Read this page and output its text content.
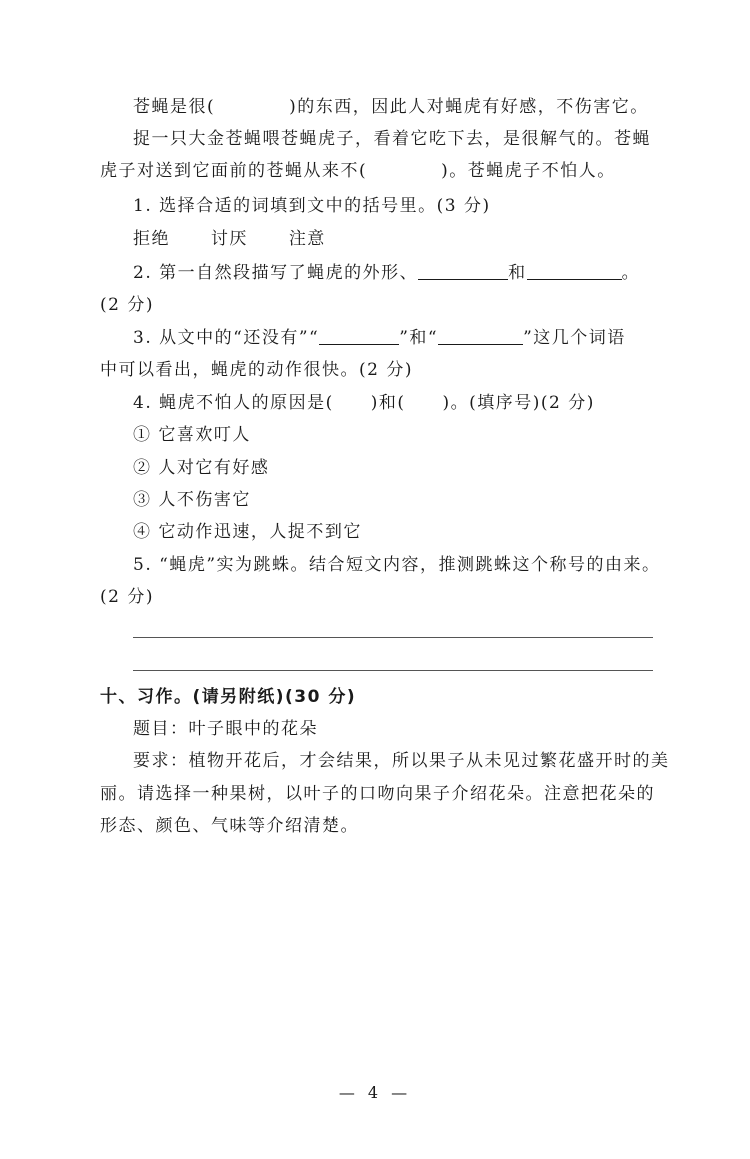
苍蝇是很(　　　　)的东西，因此人对蝇虎有好感，不伤害它。
捉一只大金苍蝇喂苍蝇虎子，看着它吃下去，是很解气的。苍蝇
虎子对送到它面前的苍蝇从来不(　　　　)。苍蝇虎子不怕人。
1. 选择合适的词填到文中的括号里。(3 分)
拒绝 讨厌 注意
2. 第一自然段描写了蝇虎的外形、	和	。
(2 分)
3. 从文中的“还没有”“	”和“	”这几个词语
中可以看出，蝇虎的动作很快。(2 分)
4. 蝇虎不怕人的原因是(　　)和(　　)。(填序号)(2 分)
① 它喜欢叮人
② 人对它有好感
③ 人不伤害它
④ 它动作迅速，人捉不到它
5. “蝇虎”实为跳蛛。结合短文内容，推测跳蛛这个称号的由来。
(2 分)
十、习作。(请另附纸)(30 分)
题目：叶子眼中的花朵
要求：植物开花后，才会结果，所以果子从未见过繁花盛开时的美
丽。请选择一种果树，以叶子的口吻向果子介绍花朵。注意把花朵的
形态、颜色、气味等介绍清楚。
— 4 —
